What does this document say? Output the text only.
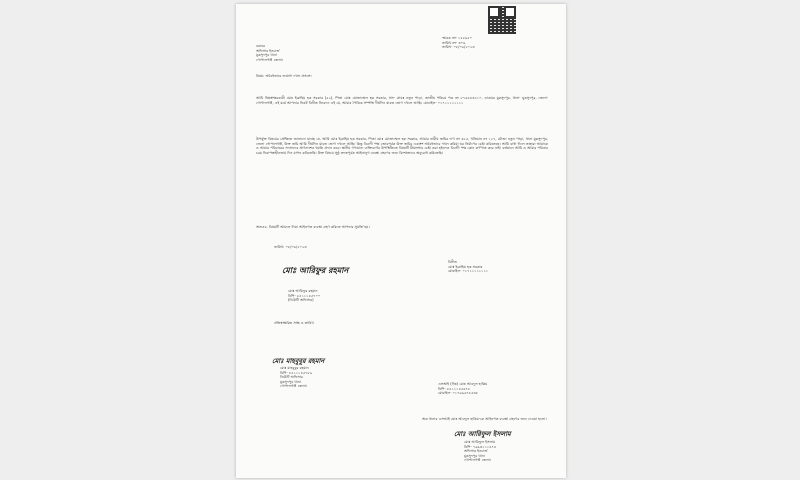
স্মারক নং- ১৫৫৯৫০
তারিখ নং- ৩০৬
তারিখ- ০৮/০৬/২০২৩
বরাবর
অফিসার ইনচার্জ
মুকসুদপুর থানা
গোপালগঞ্জ জেলা।
বিষয়: অবৈধভাবে জায়গা দখল প্রসঙ্গে।
আমি নিম্নস্বাক্ষরকারী মোঃ ইব্রাহিম হক সরকার (৫২), পিতা মোঃ মোজাম্মেল হক সরকার, সাং- গ্রামঃ নতুন পাড়া, জাতীয় পরিচয় পত্র নং ৮৭৬৫৪৩২১০, ডাকঘর মুকসুদপুর, থানা- মুকসুদপুর, জেলা- গোপালগঞ্জ, এই মর্মে আপনার নিকট বিনীত নিবেদন এই যে, আমার পৈত্রিক সম্পত্তি দীর্ঘদিন যাবত ভোগ দখলে আছি। মোবাইল- ০১৭১১১১১১১১
উপর্যুক্ত বিষয়ের প্রেক্ষিতে জানানো যাচ্ছে যে, আমি মোঃ ইব্রাহিম হক সরকার, পিতা মোঃ মোজাম্মেল হক সরকার, আমার নামীয় জমির দাগ নং ৩২৫, খতিয়ান নং ১২৭, মৌজা নতুন পাড়া, থানা মুকসুদপুর, জেলা গোপালগঞ্জ, উক্ত জমি আমি দীর্ঘদিন যাবত ভোগ দখলে আছি। কিন্তু বিবাদী পক্ষ জোরপূর্বক উক্ত জমির একাংশ অবৈধভাবে দখল করিয়া ঘর নির্মাণের চেষ্টা করিতেছে। আমি বাধা দিলে তাহারা আমাকে ও আমার পরিবারের সদস্যদের প্রাণনাশের হুমকি প্রদান করে। স্থানীয় গণ্যমান্য ব্যক্তিবর্গের উপস্থিতিতে বিষয়টি মীমাংসার চেষ্টা করা হইলেও বিবাদী পক্ষ কোন কর্ণপাত করে নাই। বর্তমানে আমি ও আমার পরিবার চরম নিরাপত্তাহীনতায় দিন যাপন করিতেছি। উক্ত বিষয়ে সুষ্ঠু তদন্তপূর্বক আইনানুগ ব্যবস্থা গ্রহণের জন্য বিশেষভাবে অনুরোধ করিতেছি।
অতএব, বিষয়টি আমলে নিয়া আইনগত ব্যবস্থা গ্রহণ করিতে আপনার সুমর্জি হয়।
তারিখ: ০৮/০৬/২০২৩
বিনীত
মোঃ ইব্রাহিম হক সরকার
মোবাইল- ০১৭১১১১১১১১
মোঃ আরিফুর রহমান
মোঃ আরিফুর রহমান
বিপি- ৮৫১১১৪৫৭০০
(ডিউটি অফিসার)
প্রতিস্বাক্ষরিত সাক্ষ ও তারিখ
মোঃ মাহবুবুর রহমান
মোঃ মাহবুবুর রহমান
বিপি- ৮৫১১১৪৫৭৮৯
ডিউটি অফিসার
মুকসুদপুর থানা
গোপালগঞ্জ জেলা।
এসআই (নিঃ) মোঃ আবদুল হাকিম
বিপি- ৮৫১১১৪৫৬৭৮
মোবাইল- ০১৭৬৯৬৭৮৫৩৮
অত্র থানার এসআই মোঃ আবদুল হাকিম-কে আইনগত ব্যবস্থা গ্রহণের জন্য দেওয়া হলো।
মোঃ আরিফুল ইসলাম
মোঃ আরিফুল ইসলাম
বিপি- ৭৬৯৩১১১৪৭৪
অফিসার ইনচার্জ
মুকসুদপুর থানা
গোপালগঞ্জ জেলা।
